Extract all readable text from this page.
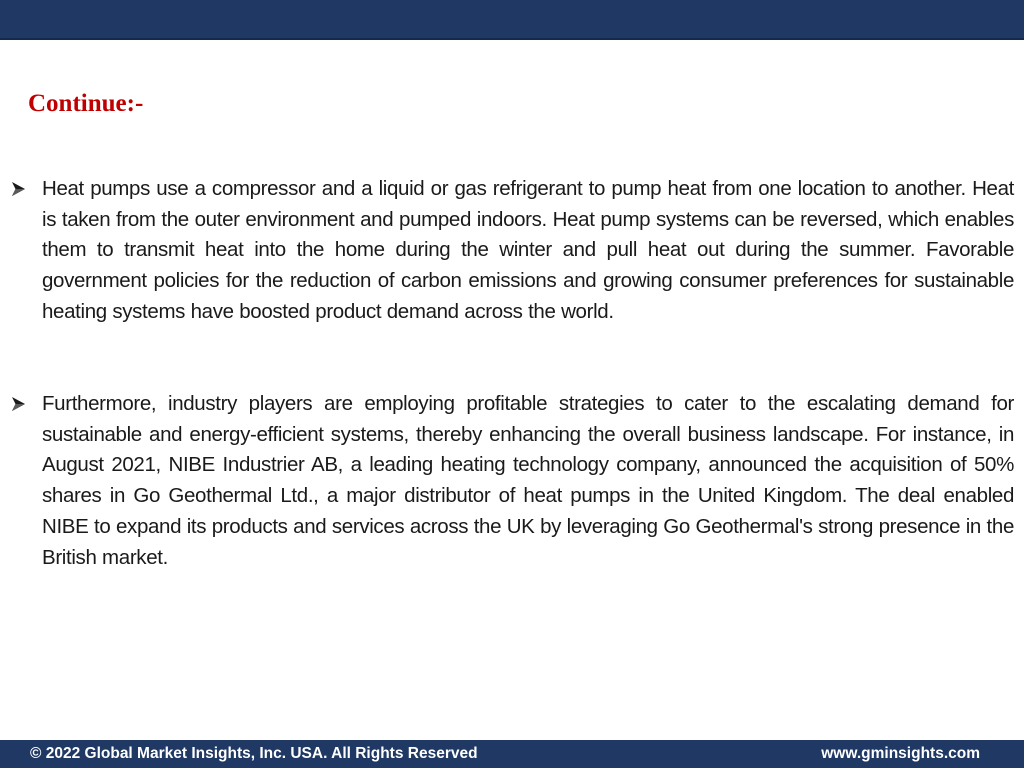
Continue:-

Heat pumps use a compressor and a liquid or gas refrigerant to pump heat from one location to another. Heat is taken from the outer environment and pumped indoors. Heat pump systems can be reversed, which enables them to transmit heat into the home during the winter and pull heat out during the summer. Favorable government policies for the reduction of carbon emissions and growing consumer preferences for sustainable heating systems have boosted product demand across the world.

Furthermore, industry players are employing profitable strategies to cater to the escalating demand for sustainable and energy-efficient systems, thereby enhancing the overall business landscape. For instance, in August 2021, NIBE Industrier AB, a leading heating technology company, announced the acquisition of 50% shares in Go Geothermal Ltd., a major distributor of heat pumps in the United Kingdom. The deal enabled NIBE to expand its products and services across the UK by leveraging Go Geothermal's strong presence in the British market.

© 2022 Global Market Insights, Inc. USA. All Rights Reserved	www.gminsights.com
